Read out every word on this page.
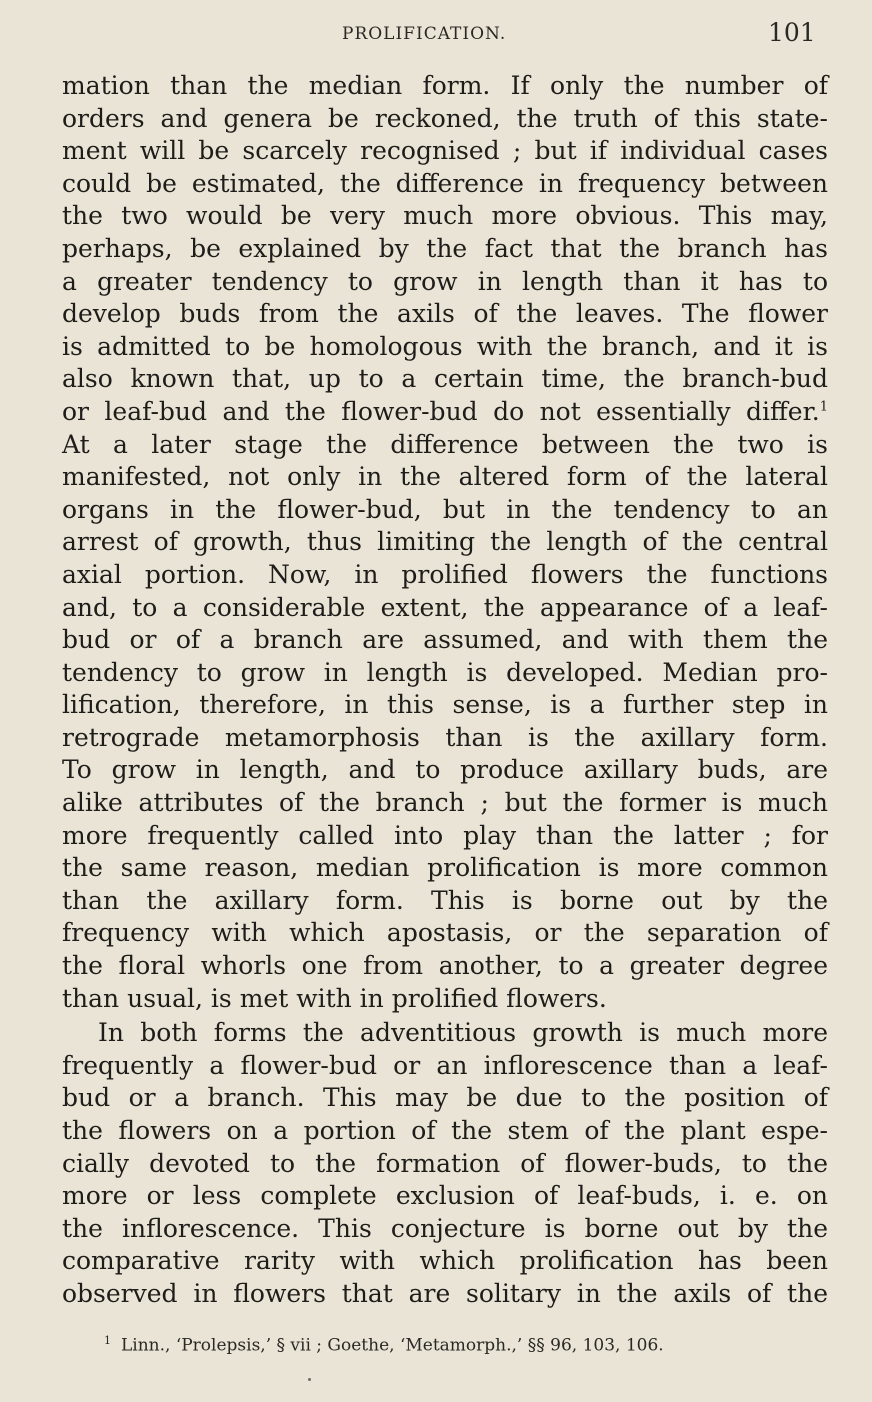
PROLIFICATION.	101
mation than the median form. If only the number of
orders and genera be reckoned, the truth of this state-
ment will be scarcely recognised ; but if individual cases
could be estimated, the difference in frequency between
the two would be very much more obvious. This may,
perhaps, be explained by the fact that the branch has
a greater tendency to grow in length than it has to
develop buds from the axils of the leaves. The flower
is admitted to be homologous with the branch, and it is
also known that, up to a certain time, the branch-bud
or leaf-bud and the flower-bud do not essentially differ.$^1$
At a later stage the difference between the two is
manifested, not only in the altered form of the lateral
organs in the flower-bud, but in the tendency to an
arrest of growth, thus limiting the length of the central
axial portion. Now, in prolified flowers the functions
and, to a considerable extent, the appearance of a leaf-
bud or of a branch are assumed, and with them the
tendency to grow in length is developed. Median pro-
lification, therefore, in this sense, is a further step in
retrograde metamorphosis than is the axillary form.
To grow in length, and to produce axillary buds, are
alike attributes of the branch ; but the former is much
more frequently called into play than the latter ; for
the same reason, median prolification is more common
than the axillary form. This is borne out by the
frequency with which apostasis, or the separation of
the floral whorls one from another, to a greater degree
than usual, is met with in prolified flowers.
In both forms the adventitious growth is much more
frequently a flower-bud or an inflorescence than a leaf-
bud or a branch. This may be due to the position of
the flowers on a portion of the stem of the plant espe-
cially devoted to the formation of flower-buds, to the
more or less complete exclusion of leaf-buds, i. e. on
the inflorescence. This conjecture is borne out by the
comparative rarity with which prolification has been
observed in flowers that are solitary in the axils of the
$^1$ Linn., ‘Prolepsis,’ § vii ; Goethe, ‘Metamorph.,’ §§ 96, 103, 106.
